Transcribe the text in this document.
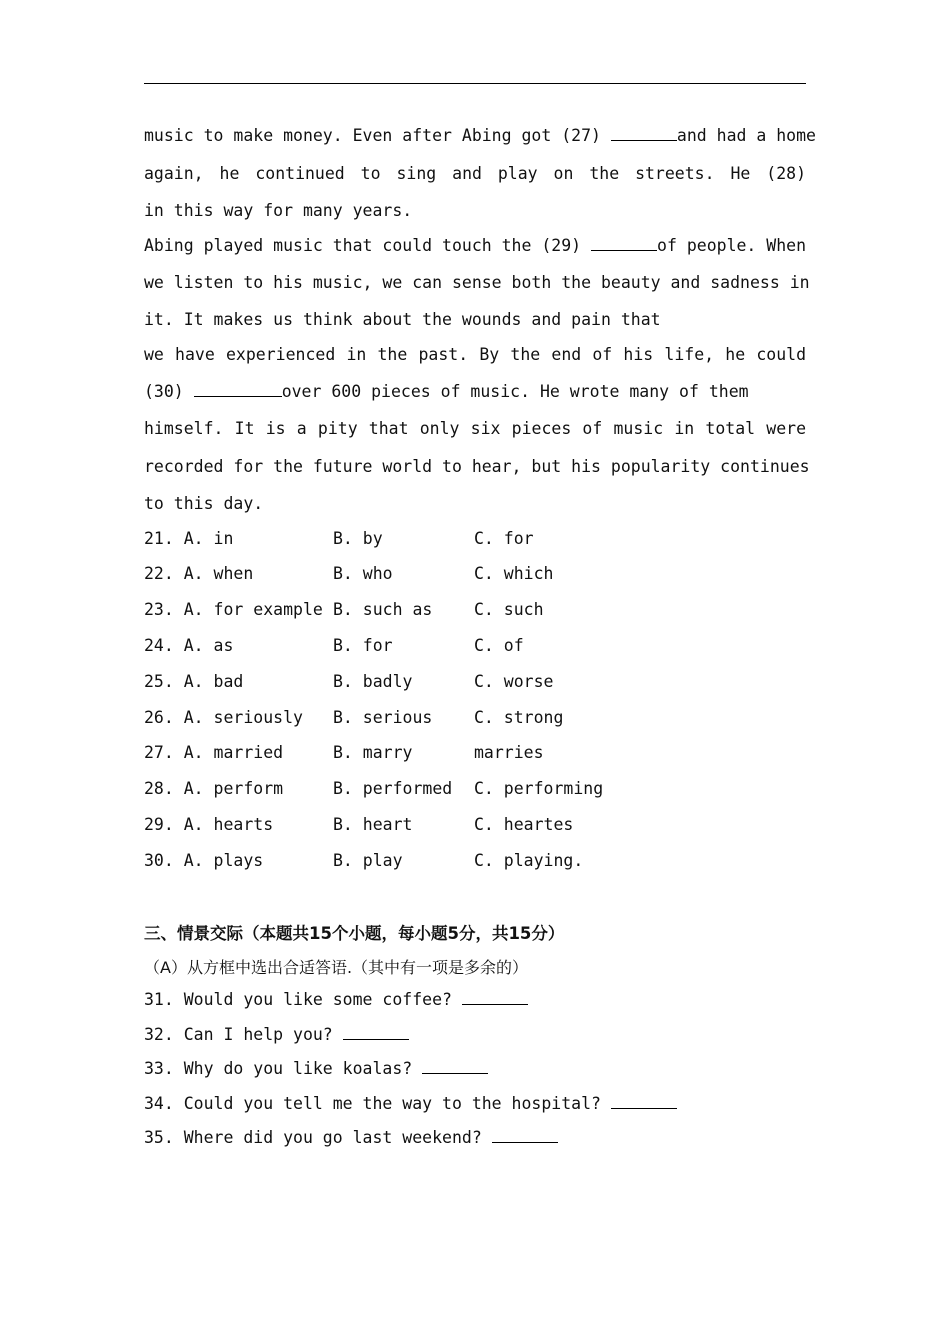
music to make money. Even after Abing got (27)	and had a home
again, he continued to sing and play on the streets. He (28)
in this way for many years.
Abing played music that could touch the (29)	of people. When
we listen to his music, we can sense both the beauty and sadness in
it. It makes us think about the wounds and pain that
we have experienced in the past. By the end of his life, he could
(30)	over 600 pieces of music. He wrote many of them
himself. It is a pity that only six pieces of music in total were
recorded for the future world to hear, but his popularity continues
to this day.
21. A. in	B. by	C. for
22. A. when	B. who	C. which
23. A. for example B. such as	C. such
24. A. as	B. for	C. of
25. A. bad	B. badly	C. worse
26. A. seriously B. serious	C. strong
27. A. married	B. marry	marries
28. A. perform	B. performed C. performing
29. A. hearts	B. heart	C. heartes
30. A. plays	B. play	C. playing.
三、情景交际（本题共15个小题，每小题5分，共15分）
（A）从方框中选出合适答语.（其中有一项是多余的）
31. Would you like some coffee?
32. Can I help you?
33. Why do you like koalas?
34. Could you tell me the way to the hospital?
35. Where did you go last weekend?
